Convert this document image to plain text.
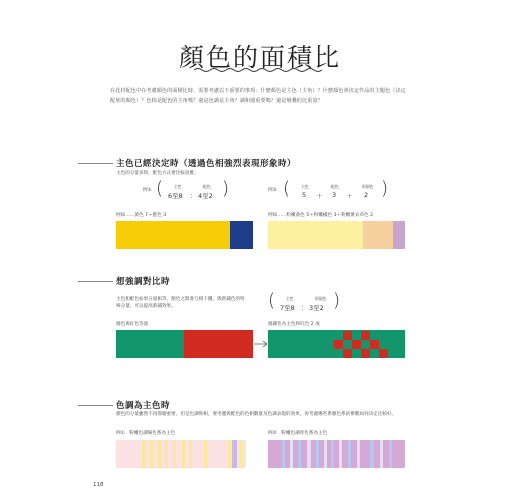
顏色的面積比
在花材配色中在考慮顏色的面積比時，需要考慮以下重要的事項：什麼顏色是主色（主角）？什麼顏色會決定作品的主題色（決定配象的顏色）？色相是配色的主角嗎？還是色調是主角？調和感重要嗎？還是層疊的比重量？
主色已經決定時（透過色相強烈表現形象時）
主色的分量多時，配色方式會比較高雅。
例① (	主色	配色
6至8 ： 4至2 )	例② (	主色	配色	兩個色
5 ＋ 3 ＋ 2 )
例如……黃色 7＋藍色 3	例如……粉嫩黃色 5＋粉嫩橘色 3＋粉嫩薰衣草色 2
想強調對比時
主色和配色如果分量相等，顏色之間會互相干擾。與新鋪色的特殊分量，可以提高新鋪效果。	(	主色	兩個色
7至8 ： 3至2 )
綠色與紅色等量	綠鋪色為主色和紅色 2 成
色調為主色時
顏色的分量雖然不再那麼重要，但是色調和相，要考慮與配色的色相數量及色調表現的效果，再考慮哪些系顏色系的參數如何決定比較好。
例①　粉嫩色調場色系為主色	例②　粉嫩色調青色系為主色
118
